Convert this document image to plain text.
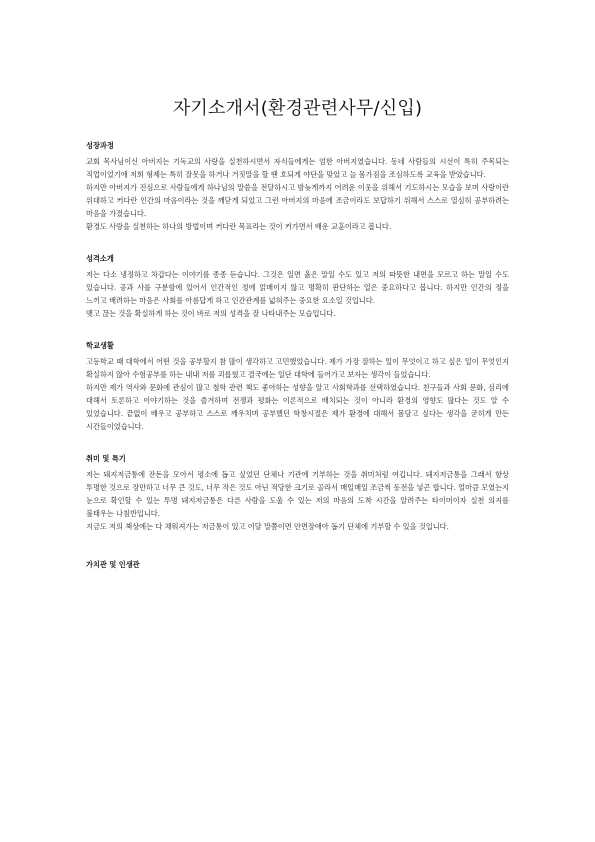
자기소개서(환경관련사무/신입)

성장과정

교회 목사님이신 아버지는 기독교의 사랑을 실천하시면서 자식들에게는 엄한 아버지였습니다. 동네 사람들의 시선이 특히 주목되는 직업이었기에 저희 형제는 특히 잘못을 하거나 거짓말을 할 땐 호되게 야단을 맞았고 늘 몸가짐을 조심하도록 교육을 받았습니다.

하지만 아버지가 진심으로 사람들에게 하나님의 말씀을 전달하시고 밤늦게까지 어려운 이웃을 위해서 기도하시는 모습을 보며 사랑이란 위대하고 커다란 인간의 마음이라는 것을 깨닫게 되었고 그런 아버지의 마음에 조금이라도 보답하기 위해서 스스로 열심히 공부하려는 마음을 가졌습니다.

환경도 사랑을 실천하는 하나의 방법이며 커다란 목표라는 것이 커가면서 배운 교훈이라고 봅니다.

성격소개

저는 다소 냉정하고 차갑다는 이야기를 종종 듣습니다. 그것은 일면 옳은 말일 수도 있고 저의 따뜻한 내면을 모르고 하는 말일 수도 있습니다. 공과 사를 구분함에 있어서 인간적인 정에 얽매이지 않고 명확히 판단하는 일은 중요하다고 봅니다. 하지만 인간의 정을 느끼고 배려하는 마음은 사회를 아름답게 하고 인간관계를 넓혀주는 중요한 요소일 것입니다.

맺고 끊는 것을 확실하게 하는 것이 바로 저의 성격을 잘 나타내주는 모습입니다.

학교생활

고등학교 때 대학에서 어떤 것을 공부할지 참 많이 생각하고 고민했었습니다. 제가 가장 잘하는 일이 무엇이고 하고 싶은 일이 무엇인지 확실하지 않아 수험공부를 하는 내내 저를 괴롭혔고 결국에는 일단 대학에 들어가고 보자는 생각이 들었습니다.

하지만 제가 역사와 문화에 관심이 많고 철학 관련 책도 좋아하는 성향을 알고 사회학과를 선택하였습니다. 친구들과 사회 문화, 심리에 대해서 토론하고 이야기하는 것을 즐겨하며 전쟁과 평화는 이론적으로 배치되는 것이 아니라 환경의 영향도 많다는 것도 알 수 있었습니다. 끝없이 배우고 공부하고 스스로 깨우치며 공부했던 학창시절은 제가 환경에 대해서 몸담고 싶다는 생각을 굳히게 만든 시간들이었습니다.

취미 및 특기

저는 돼지저금통에 잔돈을 모아서 평소에 돕고 싶었던 단체나 기관에 기부하는 것을 취미처럼 여깁니다. 돼지저금통을 그래서 항상 투명한 것으로 장만하고 너무 큰 것도, 너무 작은 것도 아닌 적당한 크기로 골라서 매일매일 조금씩 동전을 넣곤 합니다. 얼마큼 모였는지 눈으로 확인할 수 있는 투명 돼지저금통은 다른 사람을 도울 수 있는 저의 마음의 도착 시간을 알려주는 타이머이자 실천 의지를 불태우는 나침반입니다.

지금도 저의 책상에는 다 채워져가는 저금통이 있고 이달 말쯤이면 안면장애아 돕기 단체에 기부할 수 있을 것입니다.

가치관 및 인생관
